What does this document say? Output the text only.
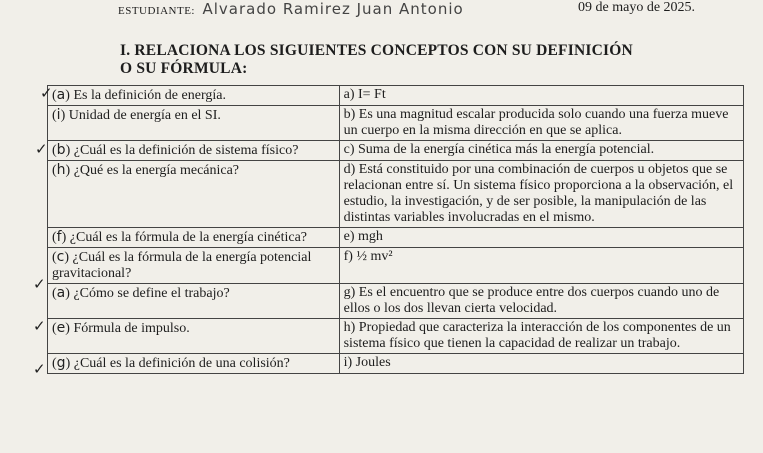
ESTUDIANTE: Alvarado Ramirez Juan Antonio	09 de mayo de 2025.
I. RELACIONA LOS SIGUIENTES CONCEPTOS CON SU DEFINICIÓN O SU FÓRMULA:
(a) Es la definición de energía.	a) I= Ft
(i) Unidad de energía en el SI.	b) Es una magnitud escalar producida solo cuando una fuerza mueve un cuerpo en la misma dirección en que se aplica.
(b) ¿Cuál es la definición de sistema físico?	c) Suma de la energía cinética más la energía potencial.
(h) ¿Qué es la energía mecánica?	d) Está constituido por una combinación de cuerpos u objetos que se relacionan entre sí. Un sistema físico proporciona a la observación, el estudio, la investigación, y de ser posible, la manipulación de las distintas variables involucradas en el mismo.
(f) ¿Cuál es la fórmula de la energía cinética?	e) mgh
(c) ¿Cuál es la fórmula de la energía potencial gravitacional?	f) ½ mv²
(a) ¿Cómo se define el trabajo?	g) Es el encuentro que se produce entre dos cuerpos cuando uno de ellos o los dos llevan cierta velocidad.
(e) Fórmula de impulso.	h) Propiedad que caracteriza la interacción de los componentes de un sistema físico que tienen la capacidad de realizar un trabajo.
(g) ¿Cuál es la definición de una colisión?	i) Joules
✓
✓
✓
✓
✓
